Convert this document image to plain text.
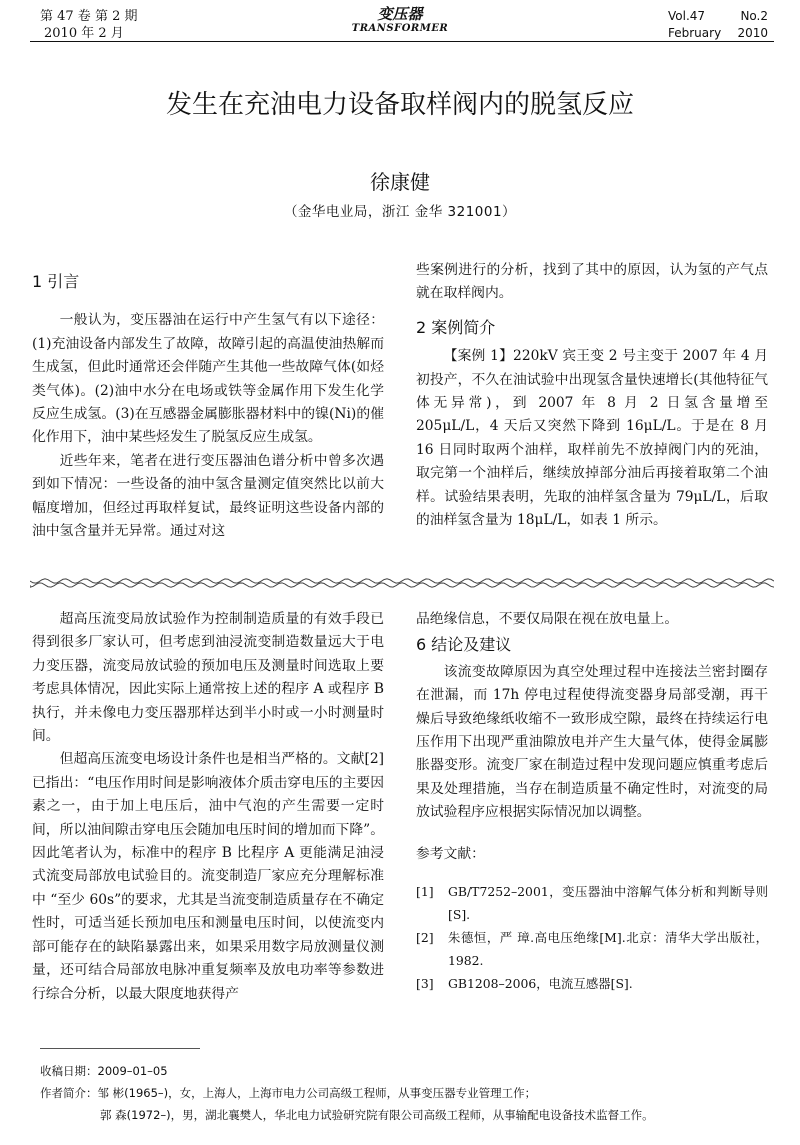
第 47 卷 第 2 期
2010 年 2 月
变压器
TRANSFORMER
Vol.47	No.2
February 2010
发生在充油电力设备取样阀内的脱氢反应
徐康健
（金华电业局，浙江 金华 321001）

1 引言

一般认为，变压器油在运行中产生氢气有以下途径：(1)充油设备内部发生了故障，故障引起的高温使油热解而生成氢，但此时通常还会伴随产生其他一些故障气体(如烃类气体)。(2)油中水分在电场或铁等金属作用下发生化学反应生成氢。(3)在互感器金属膨胀器材料中的镍(Ni)的催化作用下，油中某些烃发生了脱氢反应生成氢。

近些年来，笔者在进行变压器油色谱分析中曾多次遇到如下情况：一些设备的油中氢含量测定值突然比以前大幅度增加，但经过再取样复试，最终证明这些设备内部的油中氢含量并无异常。通过对这

些案例进行的分析，找到了其中的原因，认为氢的产气点就在取样阀内。

2 案例简介

【案例 1】220kV 宾王变 2 号主变于 2007 年 4 月初投产，不久在油试验中出现氢含量快速增长(其他特征气体无异常)，到 2007 年 8 月 2 日氢含量增至 205μL/L，4 天后又突然下降到 16μL/L。于是在 8 月 16 日同时取两个油样，取样前先不放掉阀门内的死油，取完第一个油样后，继续放掉部分油后再接着取第二个油样。试验结果表明，先取的油样氢含量为 79μL/L，后取的油样氢含量为 18μL/L，如表 1 所示。

超高压流变局放试验作为控制制造质量的有效手段已得到很多厂家认可，但考虑到油浸流变制造数量远大于电力变压器，流变局放试验的预加电压及测量时间选取上要考虑具体情况，因此实际上通常按上述的程序 A 或程序 B 执行，并未像电力变压器那样达到半小时或一小时测量时间。

但超高压流变电场设计条件也是相当严格的。文献[2]已指出：“电压作用时间是影响液体介质击穿电压的主要因素之一，由于加上电压后，油中气泡的产生需要一定时间，所以油间隙击穿电压会随加电压时间的增加而下降”。因此笔者认为，标准中的程序 B 比程序 A 更能满足油浸式流变局部放电试验目的。流变制造厂家应充分理解标准中 “至少 60s”的要求，尤其是当流变制造质量存在不确定性时，可适当延长预加电压和测量电压时间，以使流变内部可能存在的缺陷暴露出来，如果采用数字局放测量仪测量，还可结合局部放电脉冲重复频率及放电功率等参数进行综合分析，以最大限度地获得产

品绝缘信息，不要仅局限在视在放电量上。

6 结论及建议

该流变故障原因为真空处理过程中连接法兰密封圈存在泄漏，而 17h 停电过程使得流变器身局部受潮，再干燥后导致绝缘纸收缩不一致形成空隙，最终在持续运行电压作用下出现严重油隙放电并产生大量气体，使得金属膨胀器变形。流变厂家在制造过程中发现问题应慎重考虑后果及处理措施，当存在制造质量不确定性时，对流变的局放试验程序应根据实际情况加以调整。

参考文献：

[1]	GB/T7252–2001，变压器油中溶解气体分析和判断导则[S].
[2]	朱德恒，严 璋.高电压绝缘[M].北京：清华大学出版社，1982.
[3]	GB1208–2006，电流互感器[S].
收稿日期：2009–01–05
作者简介：邹 彬(1965–)，女，上海人，上海市电力公司高级工程师，从事变压器专业管理工作；
郭 森(1972–)，男，湖北襄樊人，华北电力试验研究院有限公司高级工程师，从事输配电设备技术监督工作。
